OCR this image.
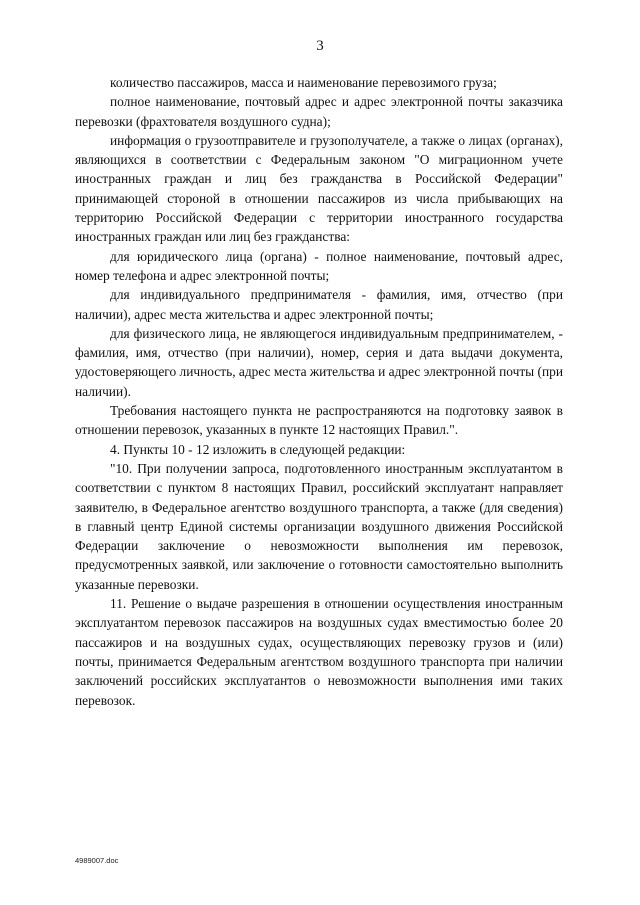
3

количество пассажиров, масса и наименование перевозимого груза;

полное наименование, почтовый адрес и адрес электронной почты заказчика перевозки (фрахтователя воздушного судна);

информация о грузоотправителе и грузополучателе, а также о лицах (органах), являющихся в соответствии с Федеральным законом "О миграционном учете иностранных граждан и лиц без гражданства в Российской Федерации" принимающей стороной в отношении пассажиров из числа прибывающих на территорию Российской Федерации с территории иностранного государства иностранных граждан или лиц без гражданства:

для юридического лица (органа) - полное наименование, почтовый адрес, номер телефона и адрес электронной почты;

для индивидуального предпринимателя - фамилия, имя, отчество (при наличии), адрес места жительства и адрес электронной почты;

для физического лица, не являющегося индивидуальным предпринимателем, - фамилия, имя, отчество (при наличии), номер, серия и дата выдачи документа, удостоверяющего личность, адрес места жительства и адрес электронной почты (при наличии).

Требования настоящего пункта не распространяются на подготовку заявок в отношении перевозок, указанных в пункте 12 настоящих Правил.".

4. Пункты 10 - 12 изложить в следующей редакции:

"10. При получении запроса, подготовленного иностранным эксплуатантом в соответствии с пунктом 8 настоящих Правил, российский эксплуатант направляет заявителю, в Федеральное агентство воздушного транспорта, а также (для сведения) в главный центр Единой системы организации воздушного движения Российской Федерации заключение о невозможности выполнения им перевозок, предусмотренных заявкой, или заключение о готовности самостоятельно выполнить указанные перевозки.

11. Решение о выдаче разрешения в отношении осуществления иностранным эксплуатантом перевозок пассажиров на воздушных судах вместимостью более 20 пассажиров и на воздушных судах, осуществляющих перевозку грузов и (или) почты, принимается Федеральным агентством воздушного транспорта при наличии заключений российских эксплуатантов о невозможности выполнения ими таких перевозок.

4989007.doc
